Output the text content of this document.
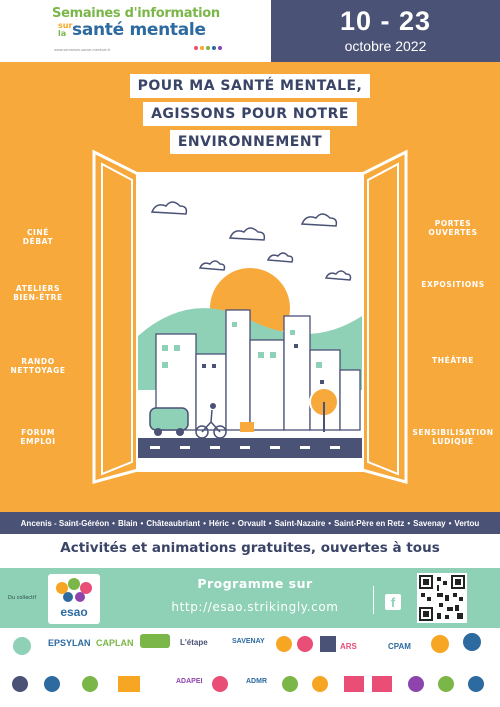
Semaines d'information
sur
la santé mentale
www.semaines-sante-mentale.fr
10 - 23
octobre 2022
POUR MA SANTÉ MENTALE,
AGISSONS POUR NOTRE
ENVIRONNEMENT
CINÉ
DÉBAT
ATELIERS
BIEN-ÊTRE
RANDO
NETTOYAGE
FORUM
EMPLOI
PORTES
OUVERTES
EXPOSITIONS
THÉÂTRE
SENSIBILISATION
LUDIQUE
Ancenis - Saint-Géréon • Blain • Châteaubriant • Héric • Orvault • Saint-Nazaire • Saint-Père en Retz • Savenay • Vertou
Activités et animations gratuites, ouvertes à tous
Du collectif
esao
Programme sur
http://esao.strikingly.com	f
EPSYLAN CAPLAN	L'étape	SAVENAY
ADAPEI	ADMR
CPAM
ARS
